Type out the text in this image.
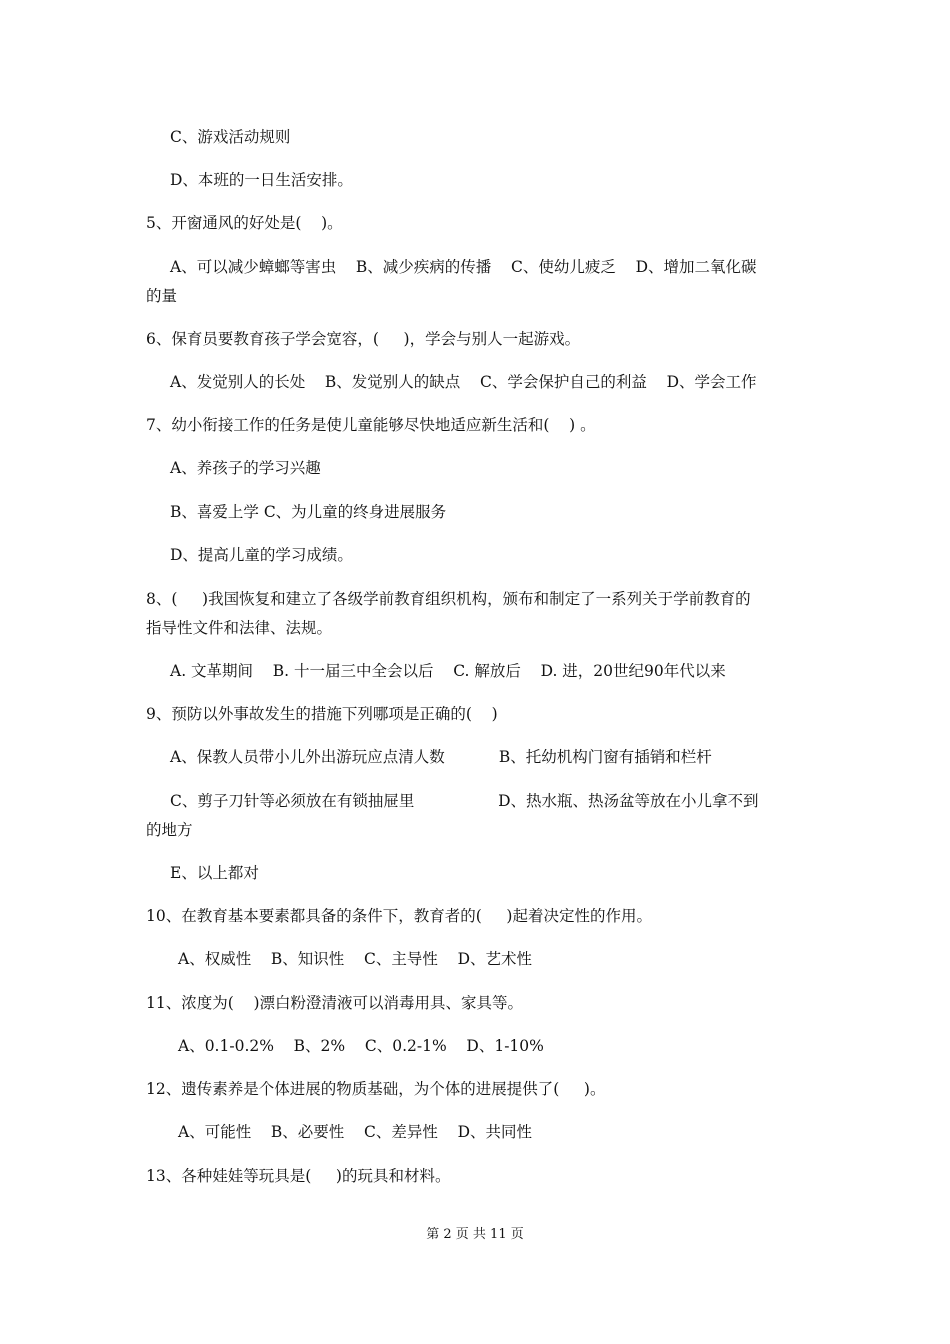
C、游戏活动规则
D、本班的一日生活安排。
5、开窗通风的好处是(    )。
A、可以减少蟑螂等害虫    B、减少疾病的传播    C、使幼儿疲乏    D、增加二氧化碳
的量
6、保育员要教育孩子学会宽容，(     )，学会与别人一起游戏。
A、发觉别人的长处    B、发觉别人的缺点    C、学会保护自己的利益    D、学会工作
7、幼小衔接工作的任务是使儿童能够尽快地适应新生活和(    ) 。
A、养孩子的学习兴趣
B、喜爱上学 C、为儿童的终身进展服务
D、提高儿童的学习成绩。
8、(     )我国恢复和建立了各级学前教育组织机构，颁布和制定了一系列关于学前教育的
指导性文件和法律、法规。
A. 文革期间    B. 十一届三中全会以后    C. 解放后    D. 进，20世纪90年代以来
9、预防以外事故发生的措施下列哪项是正确的(    )
A、保教人员带小儿外出游玩应点清人数           B、托幼机构门窗有插销和栏杆
C、剪子刀针等必须放在有锁抽屉里                 D、热水瓶、热汤盆等放在小儿拿不到
的地方
E、以上都对
10、在教育基本要素都具备的条件下，教育者的(     )起着决定性的作用。
A、权威性    B、知识性    C、主导性    D、艺术性
11、浓度为(    )漂白粉澄清液可以消毒用具、家具等。
A、0.1-0.2%    B、2%    C、0.2-1%    D、1-10%
12、遗传素养是个体进展的物质基础，为个体的进展提供了(     )。
A、可能性    B、必要性    C、差异性    D、共同性
13、各种娃娃等玩具是(     )的玩具和材料。
第 2 页 共 11 页
